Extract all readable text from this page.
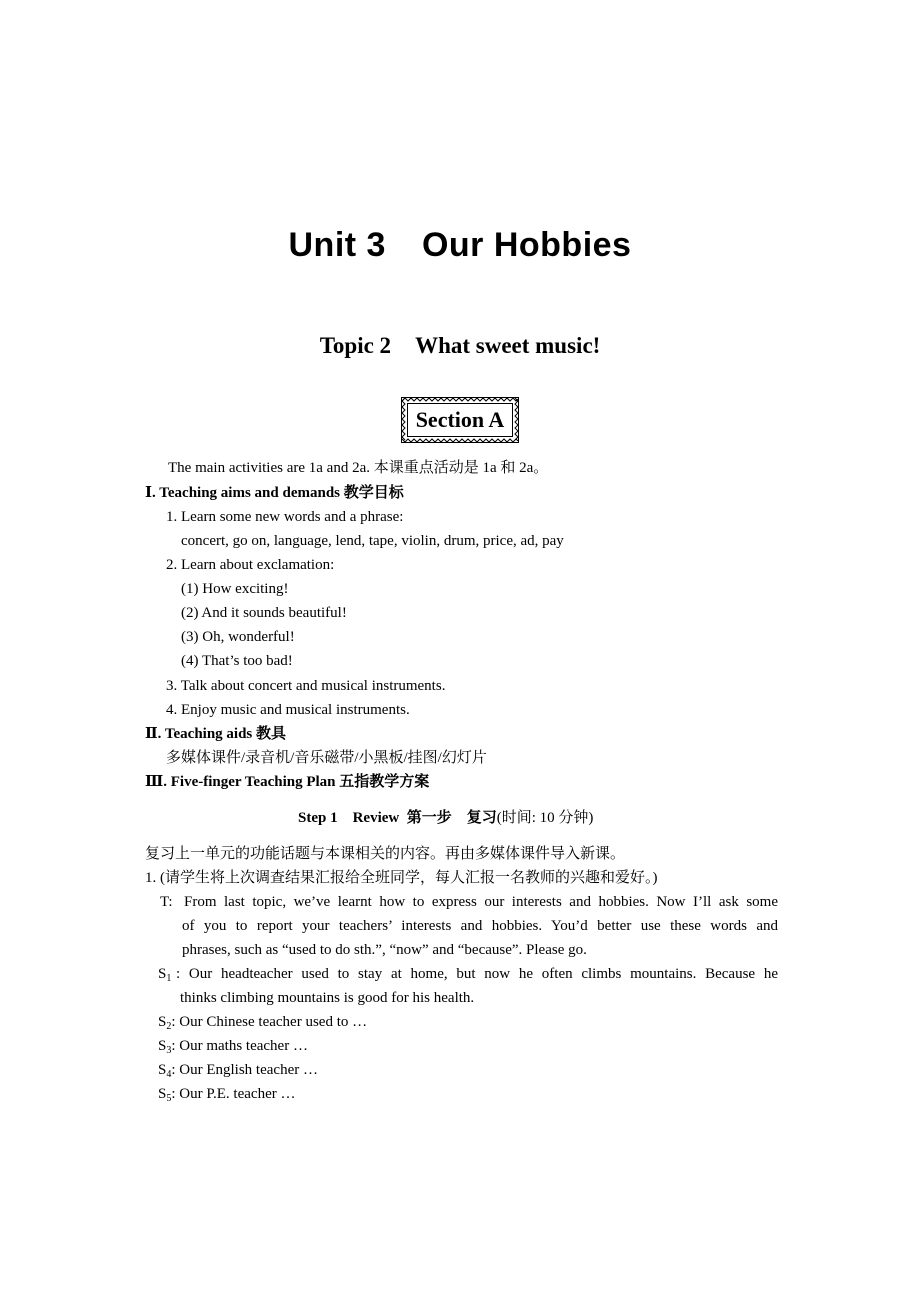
Unit 3 Our Hobbies
Topic 2 What sweet music!
Section A
The main activities are 1a and 2a. 本课重点活动是 1a 和 2a。
Ⅰ. Teaching aims and demands 教学目标
1. Learn some new words and a phrase:
concert, go on, language, lend, tape, violin, drum, price, ad, pay
2. Learn about exclamation:
(1) How exciting!
(2) And it sounds beautiful!
(3) Oh, wonderful!
(4) That’s too bad!
3. Talk about concert and musical instruments.
4. Enjoy music and musical instruments.
Ⅱ. Teaching aids 教具
多媒体课件/录音机/音乐磁带/小黑板/挂图/幻灯片
Ⅲ. Five-finger Teaching Plan 五指教学方案
Step 1    Review  第一步    复习(时间: 10 分钟)
复习上一单元的功能话题与本课相关的内容。再由多媒体课件导入新课。
1. (请学生将上次调查结果汇报给全班同学，每人汇报一名教师的兴趣和爱好。)
T: From last topic, we’ve learnt how to express our interests and hobbies. Now I’ll ask some
of you to report your teachers’ interests and hobbies. You’d better use these words and
phrases, such as “used to do sth.”, “now” and “because”. Please go.
$S_1$ : Our headteacher used to stay at home, but now he often climbs mountains. Because he
thinks climbing mountains is good for his health.
$S_2$: Our Chinese teacher used to …
$S_3$: Our maths teacher …
$S_4$: Our English teacher …
$S_5$: Our P.E. teacher …
